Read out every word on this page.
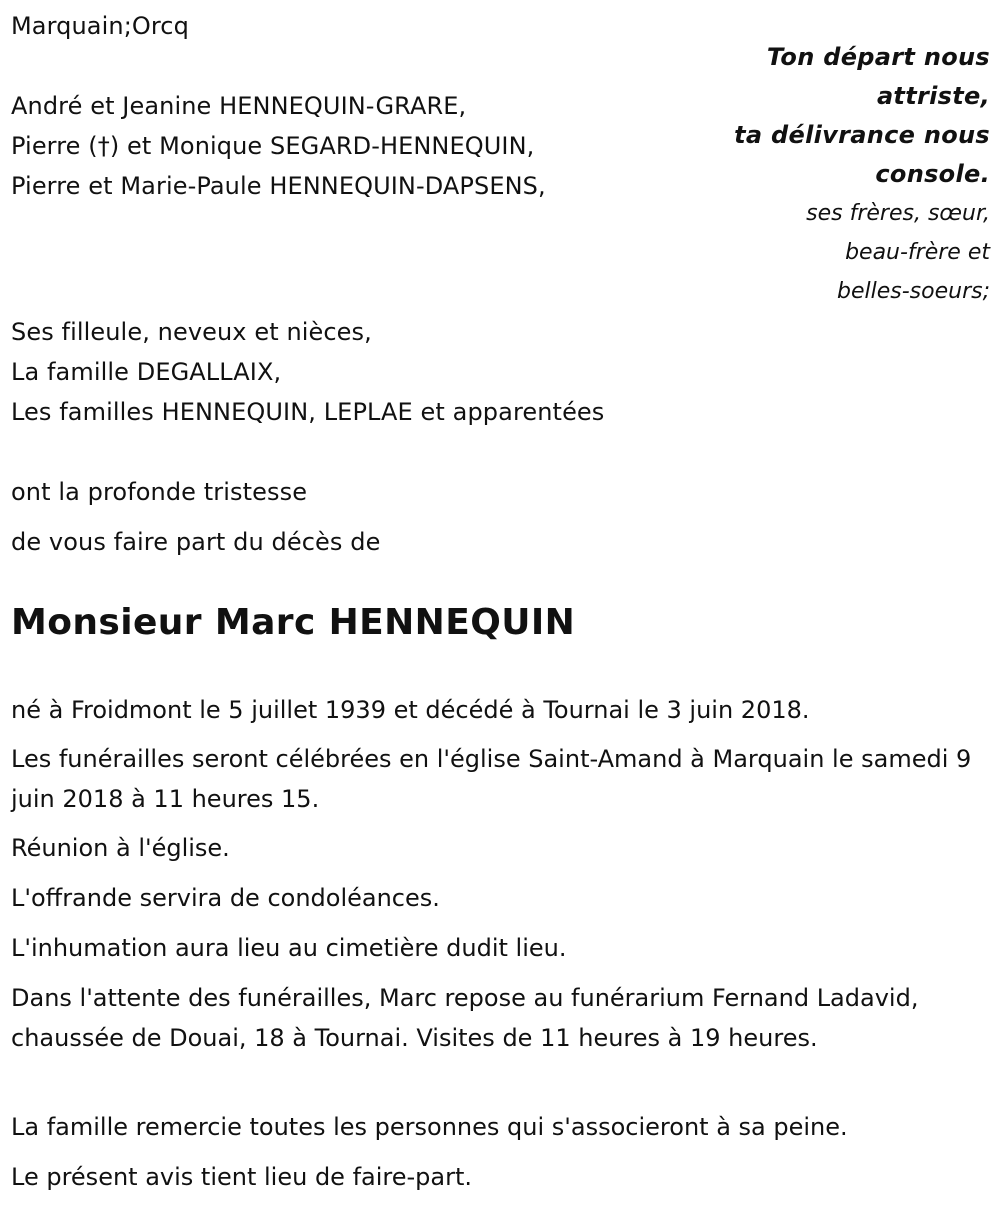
Marquain;Orcq
Ton départ nous
attriste,
ta délivrance nous
console.
ses frères, sœur,
beau-frère et
belles-soeurs;
André et Jeanine HENNEQUIN-GRARE,
Pierre (†) et Monique SEGARD-HENNEQUIN,
Pierre et Marie-Paule HENNEQUIN-DAPSENS,
Ses filleule, neveux et nièces,
La famille DEGALLAIX,
Les familles HENNEQUIN, LEPLAE et apparentées
ont la profonde tristesse
de vous faire part du décès de
Monsieur Marc HENNEQUIN
né à Froidmont le 5 juillet 1939 et décédé à Tournai le 3 juin 2018.
Les funérailles seront célébrées en l'église Saint-Amand à Marquain le samedi 9 juin 2018 à 11 heures 15.
Réunion à l'église.
L'offrande servira de condoléances.
L'inhumation aura lieu au cimetière dudit lieu.
Dans l'attente des funérailles, Marc repose au funérarium Fernand Ladavid, chaussée de Douai, 18 à Tournai. Visites de 11 heures à 19 heures.
La famille remercie toutes les personnes qui s'associeront à sa peine.
Le présent avis tient lieu de faire-part.
